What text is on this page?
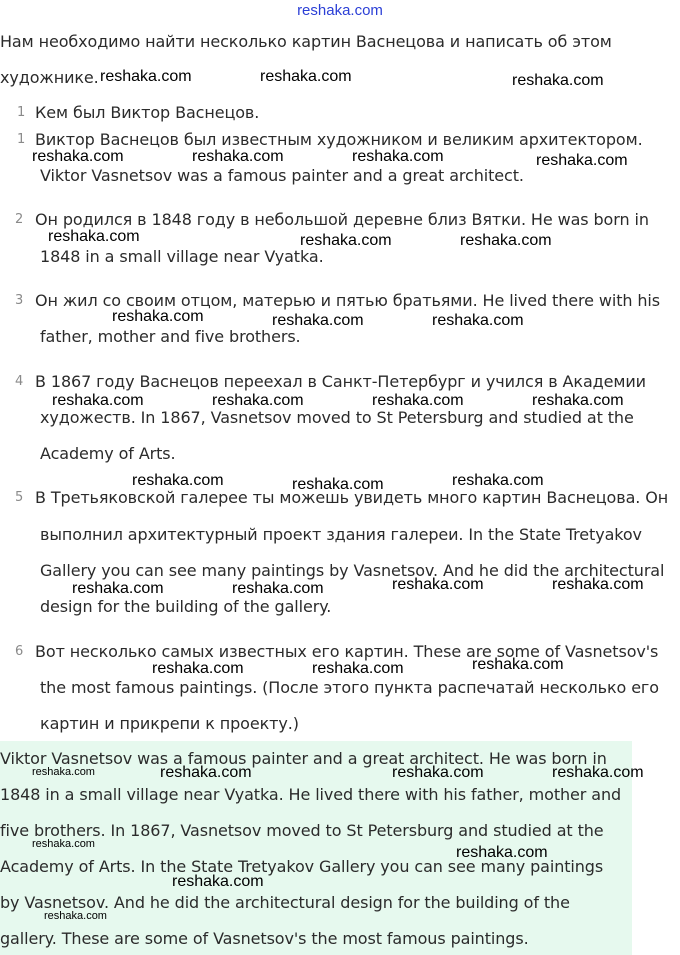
reshaka.com
Нам необходимо найти несколько картин Васнецова и написать об этом
художнике.
1 Кем был Виктор Васнецов.
1 Виктор Васнецов был известным художником и великим архитектором.
Viktor Vasnetsov was a famous painter and a great architect.
2 Он родился в 1848 году в небольшой деревне близ Вятки. He was born in
1848 in a small village near Vyatka.
3 Он жил со своим отцом, матерью и пятью братьями. He lived there with his
father, mother and five brothers.
4 В 1867 году Васнецов переехал в Санкт-Петербург и учился в Академии
художеств. In 1867, Vasnetsov moved to St Petersburg and studied at the
Academy of Arts.
5 В Третьяковской галерее ты можешь увидеть много картин Васнецова. Он
выполнил архитектурный проект здания галереи. In the State Tretyakov
Gallery you can see many paintings by Vasnetsov. And he did the architectural
design for the building of the gallery.
6 Вот несколько самых известных его картин. These are some of Vasnetsov's
the most famous paintings. (После этого пункта распечатай несколько его
картин и прикрепи к проекту.)
Viktor Vasnetsov was a famous painter and a great architect. He was born in
1848 in a small village near Vyatka. He lived there with his father, mother and
five brothers. In 1867, Vasnetsov moved to St Petersburg and studied at the
Academy of Arts. In the State Tretyakov Gallery you can see many paintings
by Vasnetsov. And he did the architectural design for the building of the
gallery. These are some of Vasnetsov's the most famous paintings.
reshaka.com	reshaka.com	reshaka.com
reshaka.com	reshaka.com	reshaka.com	reshaka.com
reshaka.com	reshaka.com	reshaka.com
reshaka.com	reshaka.com	reshaka.com
reshaka.com	reshaka.com	reshaka.com	reshaka.com
reshaka.com	reshaka.com	reshaka.com
reshaka.com	reshaka.com	reshaka.com	reshaka.com
reshaka.com	reshaka.com	reshaka.com
reshaka.com	reshaka.com	reshaka.com	reshaka.com
reshaka.com	reshaka.com
reshaka.com
reshaka.com
